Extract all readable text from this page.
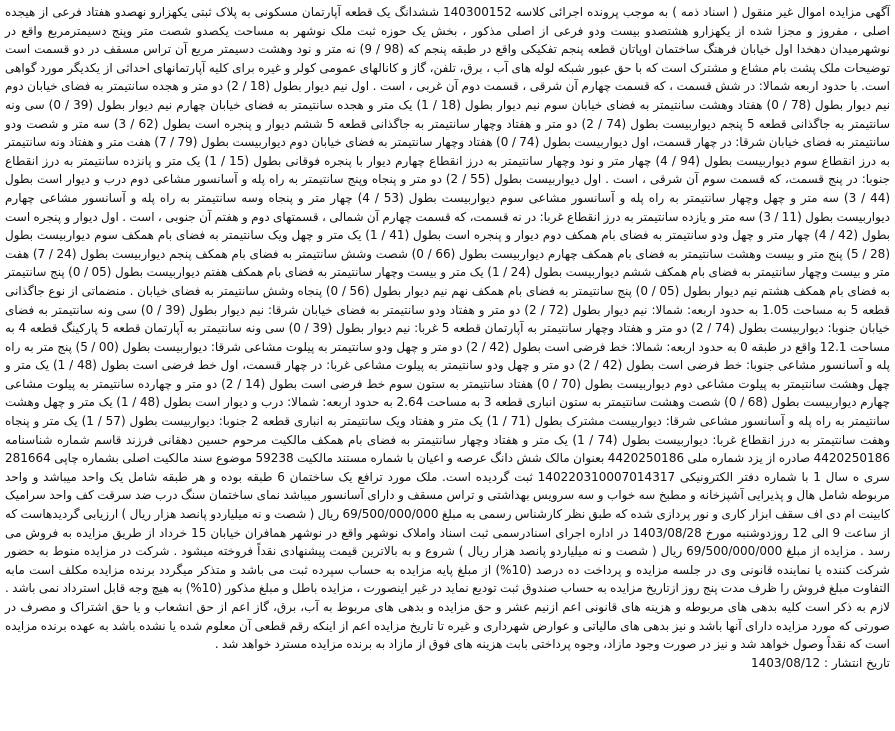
آگهی مزایده اموال غیر منقول ( اسناد ذمه ) به موجب پرونده اجرائی کلاسه 140300152 ششدانگ یک قطعه آپارتمان مسکونی به پلاک ثبتی یکهزارو نهصدو هفتاد فرعی از هیجده اصلی ، مفروز و مجزا شده از یکهزارو هشتصدو بیست ودو فرعی از اصلی مذکور ، بخش یک حوزه ثبت ملک نوشهر به مساحت یکصدو شصت متر وپنج دسیمترمربع واقع در نوشهرمیدان دهخدا اول خیابان فرهنگ ساختمان اوپاتان قطعه پنجم تفکیکی واقع در طبقه پنجم که (98 / 9) نه متر و نود وهشت دسیمتر مربع آن تراس مسقف در دو قسمت است توضیحات ملک پشت بام مشاع و مشترک است که با حق عبور شبکه لوله های آب ، برق، تلفن، گاز و کانالهای عمومی کولر و غیره برای کلیه آپارتمانهای احداثی از یکدیگر مورد گواهی است. با حدود اربعه شمالا: در شش قسمت ، که قسمت چهارم آن شرقی ، قسمت دوم آن غربی ، است . اول نیم دیوار بطول (18 / 2) دو متر و هجده سانتیمتر به فضای خیابان دوم نیم دیوار بطول (78 / 0) هفتاد وهشت سانتیمتر به فضای خیابان سوم نیم دیوار بطول (18 / 1) یک متر و هجده سانتیمتر به فضای خیابان چهارم نیم دیوار بطول (39 / 0) سی ونه سانتیمتر به جاگذانی قطعه 5 پنجم دیواربیست بطول (74 / 2) دو متر و هفتاد وچهار سانتیمتر به جاگذانی قطعه 5 ششم دیوار و پنجره است بطول (62 / 3) سه متر و شصت ودو سانتیمتر به فضای خیابان شرقا: در چهار قسمت، اول دیواربیست بطول (74 / 0) هفتاد وچهار سانتیمتر به فضای خیابان دوم دیواربیست بطول (79 / 7) هفت متر و هفتاد ونه سانتیمتر به درز انقطاع سوم دیواربیست بطول (94 / 4) چهار متر و نود وچهار سانتیمتر به درز انقطاع چهارم دیوار با پنجره فوقانی بطول (15 / 1) یک متر و پانزده سانتیمتر به درز انقطاع جنوبا: در پنج قسمت، که قسمت سوم آن شرقی ، است . اول دیواربیست بطول (55 / 2) دو متر و پنجاه وپنج سانتیمتر به راه پله و آسانسور مشاعی دوم درب و دیوار است بطول (44 / 3) سه متر و چهل وچهار سانتیمتر به راه پله و آسانسور مشاعی سوم دیواربیست بطول (53 / 4) چهار متر و پنجاه وسه سانتیمتر به راه پله و آسانسور مشاعی چهارم دیواربیست بطول (11 / 3) سه متر و یازده سانتیمتر به درز انقطاع غربا: در نه قسمت، که قسمت چهارم آن شمالی ، قسمتهای دوم و هفتم آن جنوبی ، است . اول دیوار و پنجره است بطول (42 / 4) چهار متر و چهل ودو سانتیمتر به فضای بام همکف دوم دیوار و پنجره است بطول (41 / 1) یک متر و چهل ویک سانتیمتر به فضای بام همکف سوم دیواربیست بطول (28 / 5) پنج متر و بیست وهشت سانتیمتر به فضای بام همکف چهارم دیواربیست بطول (66 / 0) شصت وشش سانتیمتر به فضای بام همکف پنجم دیواربیست بطول (24 / 7) هفت متر و بیست وچهار سانتیمتر به فضای بام همکف ششم دیواربیست بطول (24 / 1) یک متر و بیست وچهار سانتیمتر به فضای بام همکف هفتم دیواربیست بطول (05 / 0) پنج سانتیمتر به فضای بام همکف هشتم نیم دیوار بطول (05 / 0) پنج سانتیمتر به فضای بام همکف نهم نیم دیوار بطول (56 / 0) پنجاه وشش سانتیمتر به فضای خیابان . منضماتی از نوع جاگذانی قطعه 5 به مساحت 1.05 به حدود اربعه: شمالا: نیم دیوار بطول (72 / 2) دو متر و هفتاد ودو سانتیمتر به فضای خیابان شرقا: نیم دیوار بطول (39 / 0) سی ونه سانتیمتر به فضای خیابان جنوبا: دیواربیست بطول (74 / 2) دو متر و هفتاد وچهار سانتیمتر به آپارتمان قطعه 5 غربا: نیم دیوار بطول (39 / 0) سی ونه سانتیمتر به آپارتمان قطعه 5 پارکینگ قطعه 4 به مساحت 12.1 واقع در طبقه 0 به حدود اربعه: شمالا: خط فرضی است بطول (42 / 2) دو متر و چهل ودو سانتیمتر به پیلوت مشاعی شرقا: دیواربیست بطول (00 / 5) پنج متر به راه پله و آسانسور مشاعی جنوبا: خط فرضی است بطول (42 / 2) دو متر و چهل ودو سانتیمتر به پیلوت مشاعی غربا: در چهار قسمت، اول خط فرضی است بطول (48 / 1) یک متر و چهل وهشت سانتیمتر به پیلوت مشاعی دوم دیواربیست بطول (70 / 0) هفتاد سانتیمتر به ستون سوم خط فرضی است بطول (14 / 2) دو متر و چهارده سانتیمتر به پیلوت مشاعی چهارم دیواربیست بطول (68 / 0) شصت وهشت سانتیمتر به ستون انباری قطعه 3 به مساحت 2.64 به حدود اربعه: شمالا: درب و دیوار است بطول (48 / 1) یک متر و چهل وهشت سانتیمتر به راه پله و آسانسور مشاعی شرقا: دیواربیست مشترک بطول (71 / 1) یک متر و هفتاد ویک سانتیمتر به انباری قطعه 2 جنوبا: دیواربیست بطول (57 / 1) یک متر و پنجاه وهفت سانتیمتر به درز انقطاع غربا: دیواربیست بطول (74 / 1) یک متر و هفتاد وچهار سانتیمتر به فضای بام همکف مالکیت مرحوم حسین دهقانی فرزند قاسم شماره شناسنامه 4420250186 صادره از یزد شماره ملی 4420250186 بعنوان مالک شش دانگ عرصه و اعیان با شماره مستند مالکیت 59238 موضوع سند مالکیت اصلی بشماره چاپی 281664 سری ه سال 1 با شماره دفتر الکترونیکی 140220310007014317 ثبت گردیده است. ملک مورد ترافع یک ساختمان 6 طبقه بوده و هر طبقه شامل یک واحد میباشد و واحد مربوطه شامل هال و پذیرایی آشپزخانه و مطبخ سه خواب و سه سرویس بهداشتی و تراس مسقف و دارای آسانسور میباشد نمای ساختمان سنگ درب ضد سرقت کف واحد سرامیک کابینت ام دی اف سقف ابزار کاری و نور پردازی شده که طبق نظر کارشناس رسمی به مبلغ 69/500/000/000 ریال ( شصت و نه میلیاردو پانصد هزار ریال ) ارزیابی گردیدهاست که از ساعت 9 الی 12 روزدوشنبه مورخ 1403/08/28 در اداره اجرای اسنادرسمی ثبت اسناد واملاک نوشهر واقع در نوشهر همافران خیابان 15 خرداد از طریق مزایده به فروش می رسد . مزایده از مبلغ 69/500/000/000 ریال ( شصت و نه میلیاردو پانصد هزار ریال ) شروع و به بالاترین قیمت پیشنهادی نقداً فروخته میشود . شرکت در مزایده منوط به حضور شرکت کننده یا نماینده قانونی وی در جلسه مزایده و پرداخت ده درصد (10%) از مبلغ پایه مزایده به حساب سپرده ثبت می باشد و متذکر میگردد برنده مزایده مکلف است مابه التفاوت مبلغ فروش را ظرف مدت پنج روز ازتاریخ مزایده به حساب صندوق ثبت توديع نمايد در غير اينصورت ، مزايده باطل و مبلغ مذكور (10%) به هيچ وجه قابل استرداد نمی باشد . لازم به ذکر است کلیه بدهی های مربوطه و هزینه های قانونی اعم ازنیم عشر و حق مزایده و بدهی های مربوط به آب، برق، گاز اعم از حق انشعاب و یا حق اشتراک و مصرف در صورتی که مورد مزایده دارای آنها باشد و نیز بدهی های مالیاتی و عوارض شهرداری و غیره تا تاریخ مزایده اعم از اینکه رقم قطعی آن معلوم شده یا نشده باشد به عهده برنده مزایده است که نقداً وصول خواهد شد و نیز در صورت وجود مازاد، وجوه پرداختی بابت هزینه های فوق از مازاد به برنده مزایده مسترد خواهد شد .

تاریخ انتشار : 1403/08/12
